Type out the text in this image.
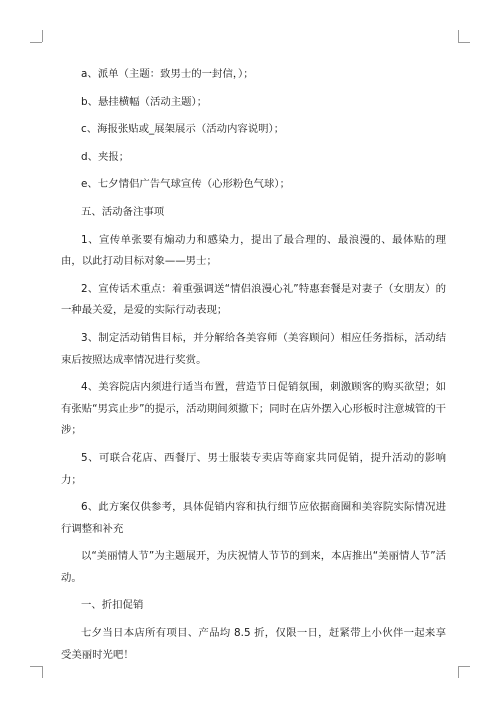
a、派单（主题：致男士的一封信，）；

b、悬挂横幅（活动主题）；

c、海报张贴或_展架展示（活动内容说明）；

d、夹报；

e、七夕情侣广告气球宣传（心形粉色气球）；

五、活动备注事项

1、宣传单张要有煽动力和感染力，提出了最合理的、最浪漫的、最体贴的理由，以此打动目标对象——男士；

2、宣传话术重点：着重强调送“情侣浪漫心礼”特惠套餐是对妻子（女朋友）的一种最关爱，是爱的实际行动表现；

3、制定活动销售目标，并分解给各美容师（美容顾问）相应任务指标，活动结束后按照达成率情况进行奖赏。

4、美容院店内须进行适当布置，营造节日促销氛围，刺激顾客的购买欲望；如有张贴“男宾止步”的提示，活动期间须撤下；同时在店外摆入心形板时注意城管的干涉；

5、可联合花店、西餐厅、男士服装专卖店等商家共同促销，提升活动的影响力；

6、此方案仅供参考，具体促销内容和执行细节应依据商圈和美容院实际情况进行调整和补充

以“美丽情人节”为主题展开，为庆祝情人节节的到来，本店推出“美丽情人节”活动。

一、折扣促销

七夕当日本店所有项目、产品均 8.5 折，仅限一日，赶紧带上小伙伴一起来享受美丽时光吧！
